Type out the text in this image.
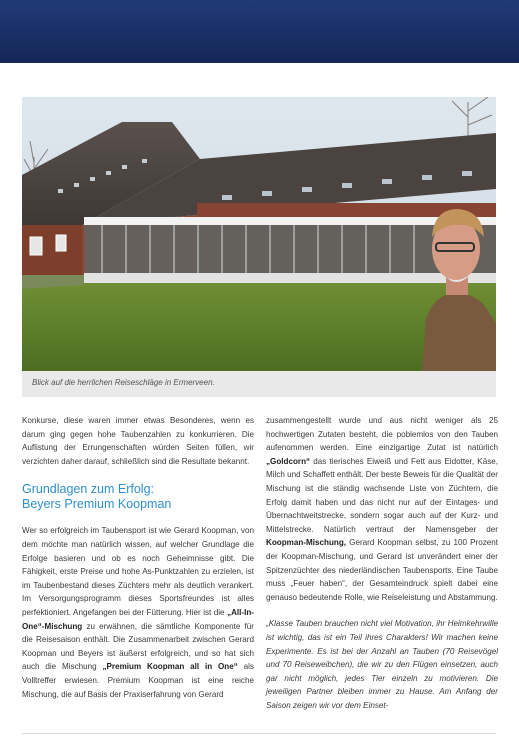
Blick auf die herrlichen Reiseschläge in Ermerveen.

Konkurse, diese waren immer etwas Besonderes, wenn es darum ging gegen hohe Taubenzahlen zu konkurrieren. Die Auflistung der Errungenschaften würden Seiten füllen, wir verzichten daher darauf, schließlich sind die Resultate bekannt.

Grundlagen zum Erfolg:
Beyers Premium Koopman

Wer so erfolgreich im Taubensport ist wie Gerard Koopman, von dem möchte man natürlich wissen, auf welcher Grundlage die Erfolge basieren und ob es noch Geheimnisse gibt. Die Fähigkeit, erste Preise und hohe As-Punktzahlen zu erzielen, ist im Taubenbestand dieses Züchters mehr als deutlich verankert. Im Versorgungsprogramm dieses Sportsfreundes ist alles perfektioniert. Angefangen bei der Fütterung. Hier ist die „All-In-One“-Mischung zu erwähnen, die sämtliche Komponente für die Reisesaison enthält. Die Zusammenarbeit zwischen Gerard Koopman und Beyers ist äußerst erfolgreich, und so hat sich auch die Mischung „Premium Koopman all in One“ als Volltreffer erwiesen. Premium Koopman ist eine reiche Mischung, die auf Basis der Praxiserfahrung von Gerard

zusammengestellt wurde und aus nicht weniger als 25 hochwertigen Zutaten besteht, die poblemlos von den Tauben aufenommen werden. Eine einzigartige Zutat ist natürlich „Goldcorn“ das tierisches Eiweiß und Fett aus Eidotter, Käse, Milch und Schaffett enthält. Der beste Beweis für die Qualität der Mischung ist die ständig wachsende Liste von Züchtern, die Erfolg damit haben und das nicht nur auf der Eintages- und Übernachtweitstrecke, sondern sogar auch auf der Kurz- und Mittelstrecke. Natürlich vertraut der Namensgeber der Koopman-Mischung, Gerard Koopman selbst, zu 100 Prozent der Koopman-Mischung, und Gerard ist unverändert einer der Spitzenzüchter des niederländischen Taubensports. Eine Taube muss „Feuer haben“, der Gesamteindruck spielt dabei eine genauso bedeutende Rolle, wie Reiseleistung und Abstammung.

„Klasse Tauben brauchen nicht viel Motivation, ihr Heimkehrwille ist wichtig, das ist ein Teil ihres Charakters! Wir machen keine Experimente. Es ist bei der Anzahl an Tauben (70 Reisevögel und 70 Reisewеibchen), die wir zu den Flügen einsetzen, auch gar nicht möglich, jedes Tier einzeln zu motivieren. Die jeweiligen Partner bleiben immer zu Hause. Am Anfang der Saison zeigen wir vor dem Einset-
